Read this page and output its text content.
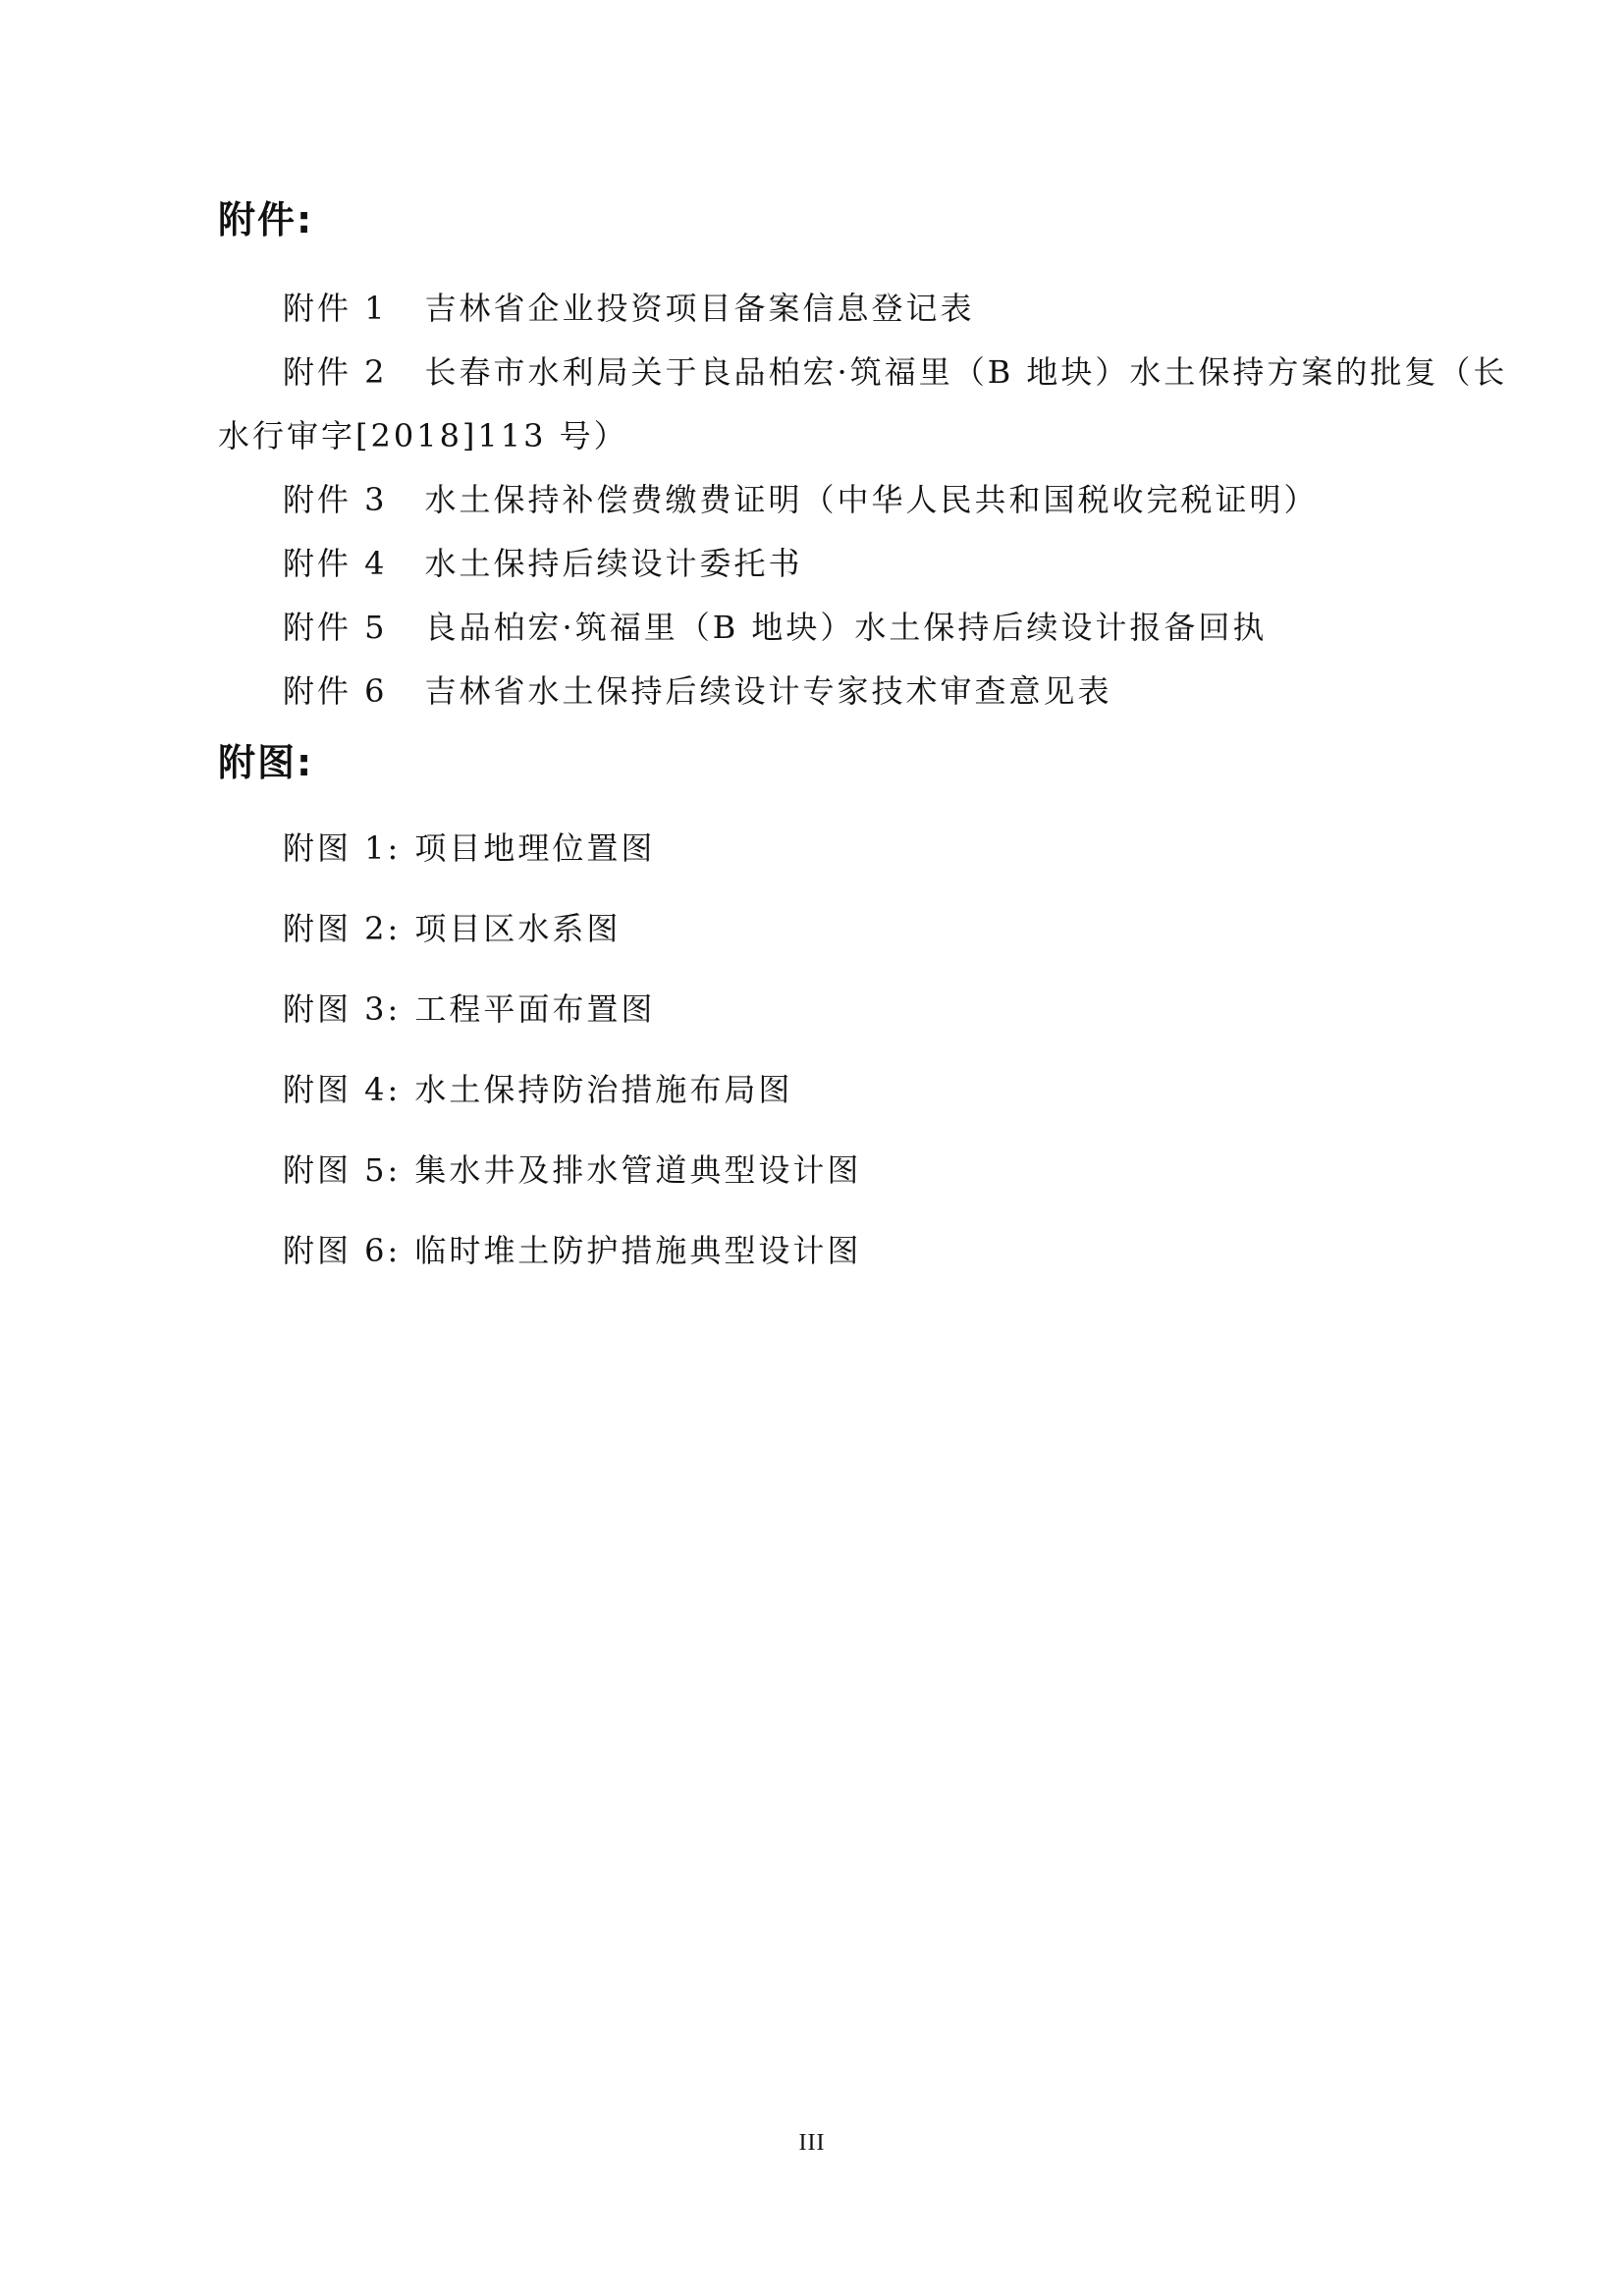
附件:
附件 1 吉林省企业投资项目备案信息登记表
附件 2 长春市水利局关于良品柏宏·筑福里（B 地块）水土保持方案的批复（长
水行审字[2018]113 号）
附件 3 水土保持补偿费缴费证明（中华人民共和国税收完税证明）
附件 4 水土保持后续设计委托书
附件 5 良品柏宏·筑福里（B 地块）水土保持后续设计报备回执
附件 6 吉林省水土保持后续设计专家技术审查意见表
附图:
附图 1: 项目地理位置图
附图 2: 项目区水系图
附图 3: 工程平面布置图
附图 4: 水土保持防治措施布局图
附图 5: 集水井及排水管道典型设计图
附图 6: 临时堆土防护措施典型设计图
III
